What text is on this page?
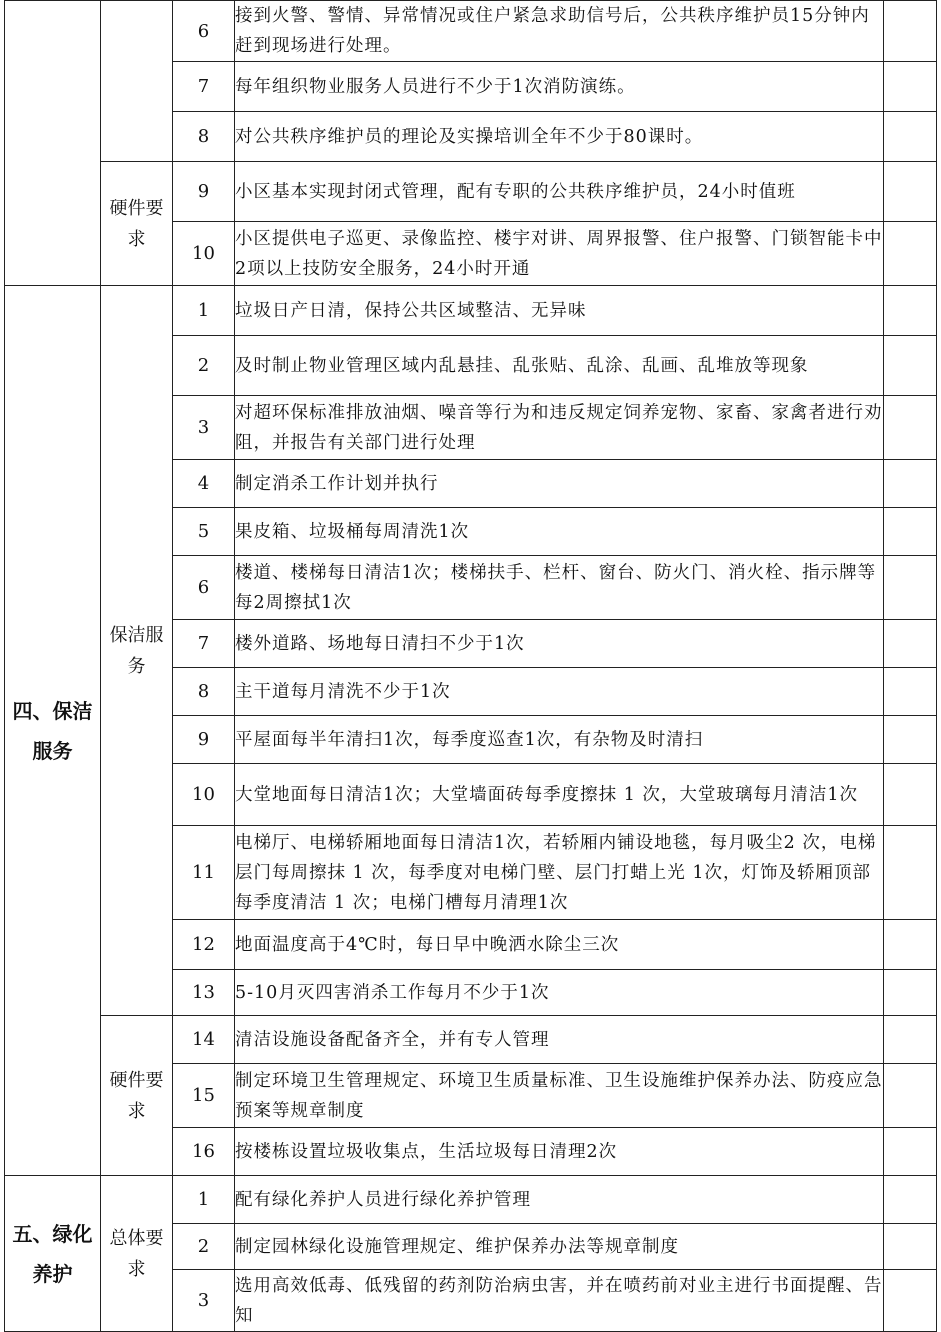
		6	接到火警、警情、异常情况或住户紧急求助信号后，公共秩序维护员15分钟内赶到现场进行处理。	
		7	每年组织物业服务人员进行不少于1次消防演练。	
		8	对公共秩序维护员的理论及实操培训全年不少于80课时。	
	硬件要求	9	小区基本实现封闭式管理，配有专职的公共秩序维护员，24小时值班	
		10	小区提供电子巡更、录像监控、楼宇对讲、周界报警、住户报警、门锁智能卡中2项以上技防安全服务，24小时开通	
四、保洁服务	保洁服务	1	垃圾日产日清，保持公共区域整洁、无异味	
		2	及时制止物业管理区域内乱悬挂、乱张贴、乱涂、乱画、乱堆放等现象	
		3	对超环保标准排放油烟、噪音等行为和违反规定饲养宠物、家畜、家禽者进行劝阻，并报告有关部门进行处理	
		4	制定消杀工作计划并执行	
		5	果皮箱、垃圾桶每周清洗1次	
		6	楼道、楼梯每日清洁1次；楼梯扶手、栏杆、窗台、防火门、消火栓、指示牌等每2周擦拭1次	
		7	楼外道路、场地每日清扫不少于1次	
		8	主干道每月清洗不少于1次	
		9	平屋面每半年清扫1次，每季度巡查1次，有杂物及时清扫	
		10	大堂地面每日清洁1次；大堂墙面砖每季度擦抹 1 次，大堂玻璃每月清洁1次	
		11	电梯厅、电梯轿厢地面每日清洁1次，若轿厢内铺设地毯，每月吸尘2 次，电梯层门每周擦抹 1 次，每季度对电梯门壁、层门打蜡上光 1次，灯饰及轿厢顶部每季度清洁 1 次；电梯门槽每月清理1次	
		12	地面温度高于4℃时，每日早中晚洒水除尘三次	
		13	5-10月灭四害消杀工作每月不少于1次	
	硬件要求	14	清洁设施设备配备齐全，并有专人管理	
		15	制定环境卫生管理规定、环境卫生质量标准、卫生设施维护保养办法、防疫应急预案等规章制度	
		16	按楼栋设置垃圾收集点，生活垃圾每日清理2次	
五、绿化养护	总体要求	1	配有绿化养护人员进行绿化养护管理	
		2	制定园林绿化设施管理规定、维护保养办法等规章制度	
		3	选用高效低毒、低残留的药剂防治病虫害，并在喷药前对业主进行书面提醒、告知	
